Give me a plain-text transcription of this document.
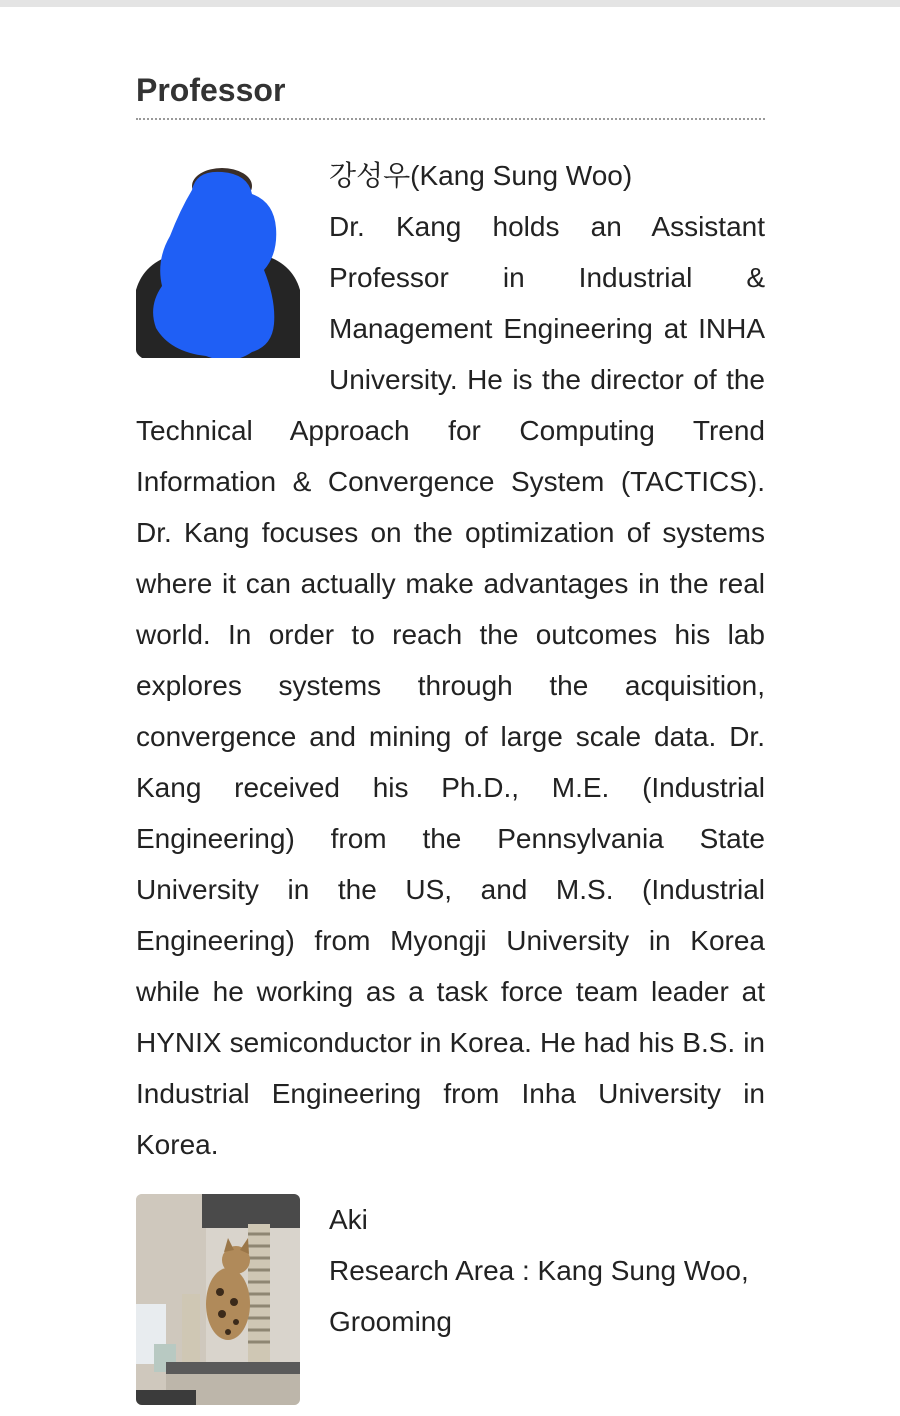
Professor

강성우(Kang Sung Woo)
Dr. Kang holds an Assistant Professor in Industrial & Management Engineering at INHA University. He is the director of the Technical Approach for Computing Trend Information & Convergence System (TACTICS). Dr. Kang focuses on the optimization of systems where it can actually make advantages in the real world. In order to reach the outcomes his lab explores systems through the acquisition, convergence and mining of large scale data. Dr. Kang received his Ph.D., M.E. (Industrial Engineering) from the Pennsylvania State University in the US, and M.S. (Industrial Engineering) from Myongji University in Korea while he working as a task force team leader at HYNIX semiconductor in Korea. He had his B.S. in Industrial Engineering from Inha University in Korea.

Aki
Research Area : Kang Sung Woo,
Grooming
